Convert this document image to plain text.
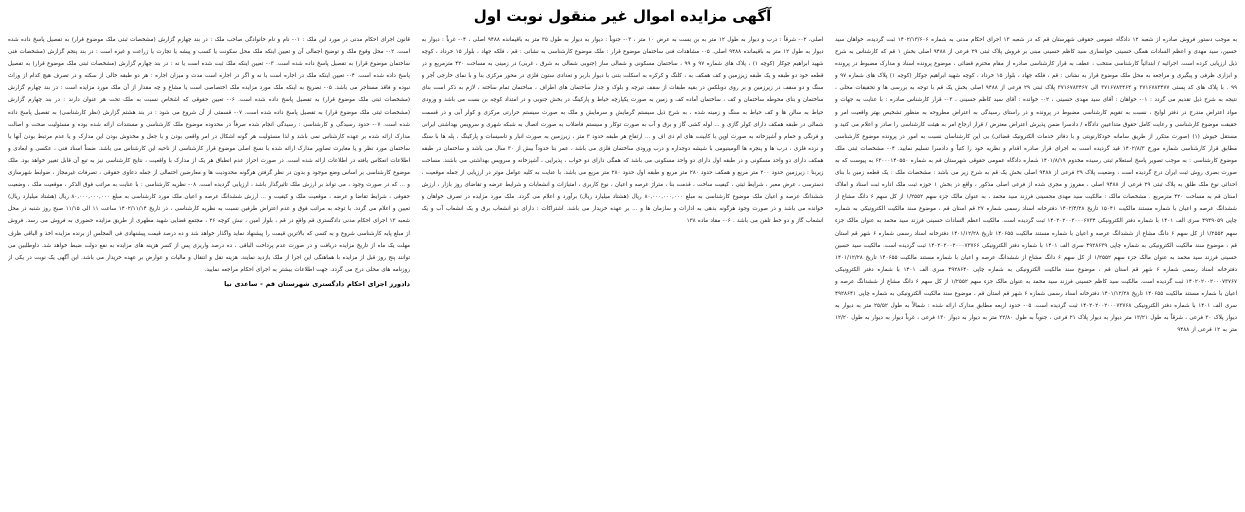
آگهی مزایده اموال غیر منقول نوبت اول

به موجب دستور فروش صادره از شعبه ۱۲ دادگاه عمومی حقوقی شهرستان قم که در شعبه ۱۳ اجرای احکام مدنی به شماره ۱۴۰۲/۱۳/۶۰۶ ثبت گردیده، خواهان سید حسین، سید مهدی و اعظم السادات همگی حسینی خوانساری سید کاظم حسینی مبنی بر فروش پلاک ثبتی ۲۹ فرعی از ۹۴۸۸ اصلی بخش ۱ قم که کارشناس به شرح ذیل ارزیابی کرده است. اجرائیه / ابتدائیاً کارشناسی منتخب ، عطف به قرار کارشناسی صادره از مقام محترم قضائی ، موضوع پرونده اسناد و مدارک مضبوط در پرونده و ابزاری ظرفی و پیگیری و مراجعه به محل ملک موضوع قرار به نشانی : قم ، فلکه جهاد ، بلوار ۱۵ خرداد ، کوچه شهید ابراهیم جوکار (کوچه ۱) پلاک های شماره ۹۷ و ۹۹ . با پلاک های کد پستی ۳۷۱۶۷۸۳۴۷۷ و ۳۷۱۶۷۸۳۴۶۴ الی ۳۷۱۶۷۸۳۴۶۷ پلاک ثبتی ۲۹ فرعی از ۹۴۸۸ اصلی بخش یک قم با توجه به بررسی ها و تحقیقات محلی ، نتیجه به شرح ذیل تقدیم می گردد : ۰۱- خواهان : آقای سید مهدی حسینی ، ۰۲- خوانده : آقای سید کاظم حسینی ، ۰۳- قرار کارشناس صادره : با عنایت به جهات و مواد اعتراض مندرج در دفتر لوایح ، نسبت به تقویم کارشناسی مضبوط در پرونده و در راستای رسیدگی به اعتراض مطروحه به منظور تشخیص بهتر واقعیت امر و حقیقت موضوع کارشناسی و رعایت کامل حقوق متداعیین دادگاه / دادسرا ضمن پذیرش اعتراض معترض / قرار ارجاع امر به هیئت کارشناسی را صادر و اعلام می کنید و مستقل خیوش (۱) (صورت متکرر از طریق سامانه خودکارنوبتی و با دفاتر خدمات الکترونیک قضائی) بی این کارشناسان نسبت به امور در پرونده موضوع کارشناسی مطابق قرار کارشناسی شماره مورخ ۱۴۰۲/۸/۳ قید گردیده است به اجرای قرار صادره اقدام و نظریه خود را کتباً و دادسرا تسلیم نمایید. ۰۴- مشخصات ثبتی ملک موضوع کارشناسی : به موجب تصویر پاسخ استعلام ثبتی رسیده مخدوم ۱۴۰۱/۸/۱۹ شماره دادگاه عمومی حقوقی شهرستان قم به شماره ۶۳۰۰۰۱۴۰۵۵۰ به پیوست که به صورت بصری روش ثبت ایران درج گردیده است ، وضعیت پلاک ۲۹ فرعی از ۹۴۸۸ اصلی بخش یک قم به شرح زیر می باشد : مشخصات ملک : یک قطعه زمین با بنای احداثی نوع ملک طلق به پلاک ثبتی ۲۹ فرعی از ۹۴۸۸ اصلی ، مفروز و مجری شده از فرعی اصلی مذکور ، واقع در بخش ۱ حوزه ثبت ملک اداره ثبت اسناد و املاک استان قم به مساحت ۴۲۰ مترمربع . مشخصات مالک : مالکیت سید مهدی محسینی فرزند سید محمد ، به عنوان مالک جزء سهم ۱/۲۵۵۲ از کل سهم ۶ دانگ مشاع از ششدانگ عرصه و اعیان با شماره مستند مالکیت ۱۵۰۴۱ تاریخ ۱۴۰۲/۴/۲۸ دفترخانه اسناد رسمی شماره ۲۷ قم استان قم ، موضوع سند مالکیت الکترونیکی به شماره چاپی ۴۹۴۹۰۵۹ سری الف ۱۴۰۱ با شماره دفتر الکترونیکی ۱۴۰۲۰۲۰۰۲۰۰۰۶۷۳۴ ثبت گردیده است. مالکیت اعظم السادات حسینی فرزند سید محمد به عنوان مالک جزء سهم ۱/۲۵۵۲ از کل سهم ۶ دانگ مشاع از ششدانگ عرصه و اعیان با شماره مستند مالکیت ۱۴۰۶۵۵ تاریخ ۱۴۰۱/۱۲/۲۸ دفترخانه اسناد رسمی شماره ۶ شهر قم استان قم ، موضوع سند مالکیت الکترونیکی به شماره چاپی ۴۹۲۸۶۳۹ سری الف ۱۴۰۱ با شماره دفتر الکترونیکی ۱۴۰۲۰۲۰۰۲۰۰۰۷۳۷۶۶ ثبت گردیده است. مالکیت سید حسین حسینی فرزند سید محمد به عنوان مالک جزء سهم ۱/۲۵۵۲ از کل سهم ۶ دانگ مشاع از ششدانگ عرصه و اعیان با شماره مستند مالکیت ۱۴۰۶۵۵ تاریخ ۱۴۰۱/۱۲/۲۸ دفترخانه اسناد رسمی شماره ۶ شهر قم استان قم ، موضوع سند مالکیت الکترونیکی به شماره چاپی ۴۹۲۸۶۴۰ سری الف ۱۴۰۱ با شماره دفتر الکترونیکی ۱۴۰۲۰۲۰۰۲۰۰۰۷۳۷۶۷ ثبت گردیده است. مالکیت سید کاظم حسینی فرزند سید محمد به عنوان مالک جزء سهم ۱/۲۵۵۲ از کل سهم ۶ دانگ مشاع از ششدانگ عرصه و اعیان با شماره مستند مالکیت ۱۴۰۶۵۵ تاریخ ۱۴۰۱/۱۲/۲۸ دفترخانه اسناد رسمی شماره ۶ شهر قم استان قم ، موضوع سند مالکیت الکترونیکی به شماره چاپی ۴۹۲۸۶۴۱ سری الف ۱۴۰۱ با شماره دفتر الکترونیکی ۱۴۰۲۰۲۰۰۲۰۰۰۷۳۷۶۸ ثبت گردیده است. ۰۵- حدود اربعه مطابق مدارک ارائه شده : شمالاً به طول ۲۵/۵۲ متر به دیوار به دیوار پلاک ۳۰ فرعی ، شرقاً به طول ۱۳/۲۱ متر دیوار به دیوار پلاک ۲۱ فرعی ، جنوباً به طول ۲۲/۸۰ متر به دیوار به دیوار ۱۳۰ فرعی ، غرباً دیوار به دیوار به طول ۱۲/۲۰ متر به ۱۲ فرعی از ۹۴۸۸

اصلی، ۰۲- شرقاً : درب و دیوار به طول ۱۲ متر به بن بست به عرض ۱۰ متر ، ۰۳- جنوباً : دیوار به دیوار به طول ۳۵ متر به باقیمانده ۹۴۸۸ اصلی ، ۰۴- غرباً : دیوار به دیوار به طول ۱۲ متر به باقیمانده ۹۴۸۸ اصلی. ۰۵- مشاهدات فنی ساختمان موضوع قرار : ملک موضوع کارشناسی به نشانی : قم ، فلکه جهاد ، بلوار ۱۵ خرداد ، کوچه شهید ابراهیم جوکار (کوچه ۱) ، پلاک های شماره ۹۷ و ۹۹ ، ساختمان مسکونی و شمالی ساز (جنوبی شمالی به شرق ، غربی) در زمینی به مساحت ۴۲۰ مترمربع و در قطعه خود دو طبقه و یک طبقه زیرزمین و کف همکف به ، کلنگ و کرکره به اسکلت بتنی با دیوار باربر و تعدادی ستون فلزی در محور مرکزی بنا و با نمای خارجی آجر و سنگ و دو سقف در زیرزمین و بر روی دوبلکس در بقیه طبقات از سقف تیرچه و بلوک و جدار ساختمان های اطراف ، ساختمان تمام ساخته ، لازم به ذکر است بنای ساختمان و بنای محوطه ساختمان و کف ، ساختمان آماده کف و زمین به صورت یکپارچه حیاط و پارکینگ در بخش جنوبی و در امتداد کوچه بن بست می باشد و ورودی حیاط به سالن ها و کف حیاط به سنگ و زمینه شده ، به شرح ذیل سیستم گرمایش و سرمایش و ملک به صورت سیستم حرارتی مرکزی و کولر آبی و در قسمت شمالی در طبقه همکف دارای کولر گازی و ... لوله کشی گاز و برق و آب به صورت توکار و سیستم فاضلاب به صورت اتصال به شبکه شهری و سرویس بهداشتی ایرانی و فرنگی و حمام و آشپزخانه به صورت اوپن با کابینت های ام دی اف و ... ارتفاع هر طبقه حدود ۳ متر ، زیرزمین به صورت انبار و تاسیسات و پارکینگ ، پله ها با سنگ و نرده فلزی ، درب ها و پنجره ها آلومینیومی با شیشه دوجداره و درب ورودی ساختمان فلزی می باشد ، عمر بنا حدوداً بیش از ۳۰ سال می باشد و ساختمان در طبقه همکف دارای دو واحد مسکونی و در طبقه اول دارای دو واحد مسکونی می باشد که همگی دارای دو خواب ، پذیرایی ، آشپزخانه و سرویس بهداشتی می باشند. مساحت زیربنا : زیرزمین حدود ۲۰۰ متر مربع و همکف حدود ۲۸۰ متر مربع و طبقه اول حدود ۲۸۰ متر مربع می باشد. با عنایت به کلیه عوامل موثر در ارزیابی از جمله موقعیت ، دسترسی ، عرض معبر ، شرایط ثبتی ، کیفیت ساخت ، قدمت بنا ، متراژ عرصه و اعیان ، نوع کاربری ، امتیازات و انشعابات و شرایط عرضه و تقاضای روز بازار ، ارزش ششدانگ عرصه و اعیان ملک موضوع کارشناسی به مبلغ ۸۰,۰۰۰,۰۰۰,۰۰۰ ریال (هشتاد میلیارد ریال) برآورد و اعلام می گردد. ملک مورد مزایده در تصرف خواهان و خوانده می باشد و در صورت وجود هرگونه بدهی به ادارات و سازمان ها و ... بر عهده خریدار می باشد. اشتراکات : دارای دو انشعاب برق و یک انشعاب آب و یک انشعاب گاز و دو خط تلفن می باشد . ۰۶- مقاد ماده ۱۳۸

قانون اجرای احکام مدنی در مورد این ملک : ۰۱- نام و نام خانوادگی صاحب ملک : در بند چهارم گزارش (مشخصات ثبتی ملک موضوع قرار) به تفصیل پاسخ داده شده است. ۰۲- محل وقوع ملک و توضیح اجمالی آن و تعیین اینکه ملک محل سکونت یا کسب و پیشه یا تجارت یا زراعت و غیره است : در بند پنجم گزارش (مشخصات فنی ساختمان موضوع قرار) به تفصیل پاسخ داده شده است. ۰۳- تعیین اینکه ملک ثبت شده است یا نه : در بند چهارم گزارش (مشخصات ثبتی ملک موضوع قرار) به تفصیل پاسخ داده شده است. ۰۴- تعیین اینکه ملک در اجاره است یا نه و اگر در اجاره است مدت و میزان اجاره : هر دو طبقه خالی از سکنه و در تصرف هیچ کدام از وراث نبوده و فاقد مستاجر می باشد. ۰۵- تصریح به اینکه ملک مورد مزایده ملک اختصاصی است یا مشاع و چه مقدار از آن ملک مورد مزایده است : در بند چهارم گزارش (مشخصات ثبتی ملک موضوع قرار) به تفصیل پاسخ داده شده است. ۰۶- تعیین حقوقی که اشخاص نسبت به ملک تحت هر عنوان دارند : در بند چهارم گزارش (مشخصات ثبتی ملک موضوع قرار) به تفصیل پاسخ داده شده است. ۰۷- قسمتی از آن شروع می شود : در بند هشتم گزارش (نظر کارشناسی) به تفصیل پاسخ داده شده است. ۰۷- حدود رسیدگی و کارشناسی : رسیدگی انجام شده صرفاً در محدوده موضوع ملک کارشناسی و مستندات ارائه شده بوده و مسئولیت صحت و اصالت مدارک ارائه شده بر عهده کارشناس نمی باشد و لذا مسئولیت هر گونه اشکال در امر واقعی بودن و یا جعل و مخدوش بودن این مدارک و یا عدم مرتبط بودن آنها با ساختمان مورد نظر و یا مغایرت تصاویر مدارک ارائه شده با نسخ اصلی موضوع قرار کارشناسی از ناحیه این کارشناس می باشد. ضمناً اسناد فنی ، عکسی و ابعادی و اطلاعات انعکاس یافته در اطلاعات ارائه شده است. در صورت احراز عدم انطباق هر یک از مدارک با واقعیت ، نتایج کارشناسی نیز به تبع آن قابل تغییر خواهد بود. ملک موضوع کارشناسی بر اساس وضع موجود و بدون در نظر گرفتن هرگونه محدودیت ها و معارضین احتمالی از جمله دعاوی حقوقی ، تصرفات غیرمجاز ، ضوابط شهرسازی و ... که در صورت وجود ، می تواند بر ارزش ملک تاثیرگذار باشد ، ارزیابی گردیده است. ۰۸- نظریه کارشناسی : با عنایت به مراتب فوق الذکر ، موقعیت ملک ، وضعیت حقوقی ، شرایط تقاضا و عرضه ، موقعیت ملک و کیفیت و ... ارزش ششدانگ عرصه و اعیان ملک مورد کارشناسی به مبلغ ۸۰,۰۰۰,۰۰۰,۰۰۰ ریال (هشتاد میلیارد ریال) تعیین و اعلام می گردد. با توجه به مراتب فوق و عدم اعتراض طرفین نسبت به نظریه کارشناسی ، در تاریخ ۱۴۰۲/۱۱/۱۴ ساعت ۱۱ الی ۱۱/۱۵ صبح روز شنبه در محل شعبه ۱۳ اجرای احکام مدنی دادگستری قم واقع در قم ، بلوار امین ، نبش کوچه ۲۶ ، مجتمع قضایی شهید مطهری از طریق مزایده حضوری به فروش می رسد. فروش از مبلغ پایه کارشناسی شروع و به کسی که بالاترین قیمت را پیشنهاد نماید واگذار خواهد شد و ده درصد قیمت پیشنهادی فی المجلس از برنده مزایده اخذ و الباقی ظرف مهلت یک ماه از تاریخ مزایده دریافت و در صورت عدم پرداخت الباقی ، ده درصد واریزی پس از کسر هزینه های مزایده به نفع دولت ضبط خواهد شد. داوطلبین می توانند پنج روز قبل از مزایده با هماهنگی این اجرا از ملک بازدید نمایند. هزینه نقل و انتقال و مالیات و عوارض بر عهده خریدار می باشد. این آگهی یک نوبت در یکی از روزنامه های محلی درج می گردد. جهت اطلاعات بیشتر به اجرای احکام مراجعه نمایید.

دادورز اجرای احکام دادگستری شهرستان قم - ساعدی نیا
